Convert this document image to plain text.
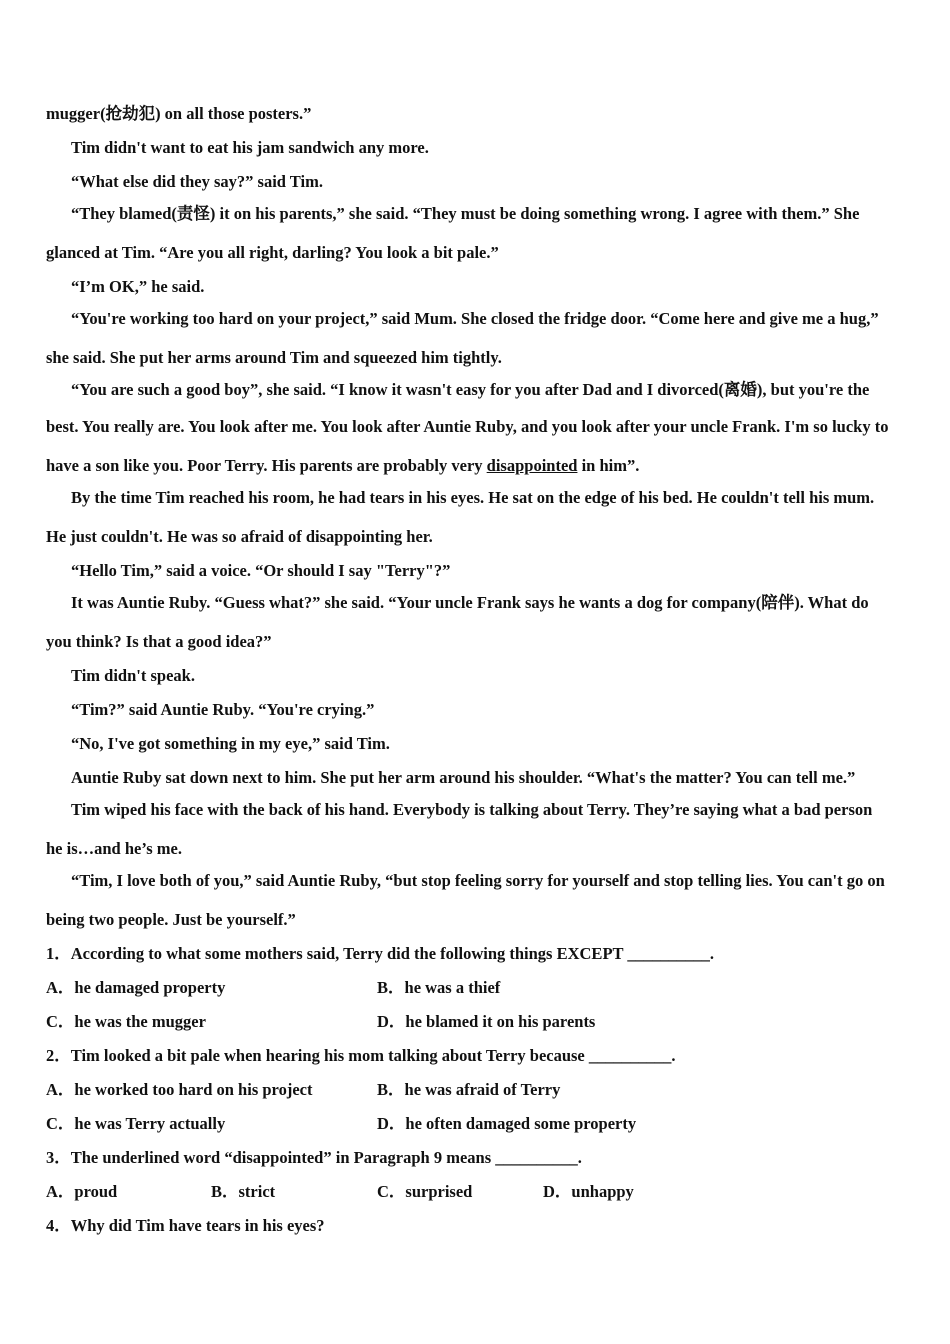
mugger(抢劫犯) on all those posters.”

Tim didn't want to eat his jam sandwich any more.

“What else did they say?” said Tim.

“They blamed(责怪) it on his parents,” she said. “They must be doing something wrong. I agree with them.” She

glanced at Tim. “Are you all right, darling? You look a bit pale.”

“I’m OK,” he said.

“You're working too hard on your project,” said Mum. She closed the fridge door. “Come here and give me a hug,”

she said. She put her arms around Tim and squeezed him tightly.

“You are such a good boy”, she said. “I know it wasn't easy for you after Dad and I divorced(离婚), but you're the

best. You really are. You look after me. You look after Auntie Ruby, and you look after your uncle Frank. I'm so lucky to

have a son like you. Poor Terry. His parents are probably very disappointed in him”.

By the time Tim reached his room, he had tears in his eyes. He sat on the edge of his bed. He couldn't tell his mum.

He just couldn't. He was so afraid of disappointing her.

“Hello Tim,” said a voice. “Or should I say "Terry"?”

It was Auntie Ruby. “Guess what?” she said. “Your uncle Frank says he wants a dog for company(陪伴). What do

you think? Is that a good idea?”

Tim didn't speak.

“Tim?” said Auntie Ruby. “You're crying.”

“No, I've got something in my eye,” said Tim.

Auntie Ruby sat down next to him. She put her arm around his shoulder. “What's the matter? You can tell me.”

Tim wiped his face with the back of his hand. Everybody is talking about Terry. They’re saying what a bad person

he is…and he’s me.

“Tim, I love both of you,” said Auntie Ruby, “but stop feeling sorry for yourself and stop telling lies. You can't go on

being two people. Just be yourself.”

1．According to what some mothers said, Terry did the following things EXCEPT __________.

A．he damaged property	B．he was a thief
C．he was the mugger	D．he blamed it on his parents

2．Tim looked a bit pale when hearing his mom talking about Terry because __________.

A．he worked too hard on his project	B．he was afraid of Terry
C．he was Terry actually	D．he often damaged some property

3．The underlined word “disappointed” in Paragraph 9 means __________.

A．proud	B．strict	C．surprised	D．unhappy

4．Why did Tim have tears in his eyes?
